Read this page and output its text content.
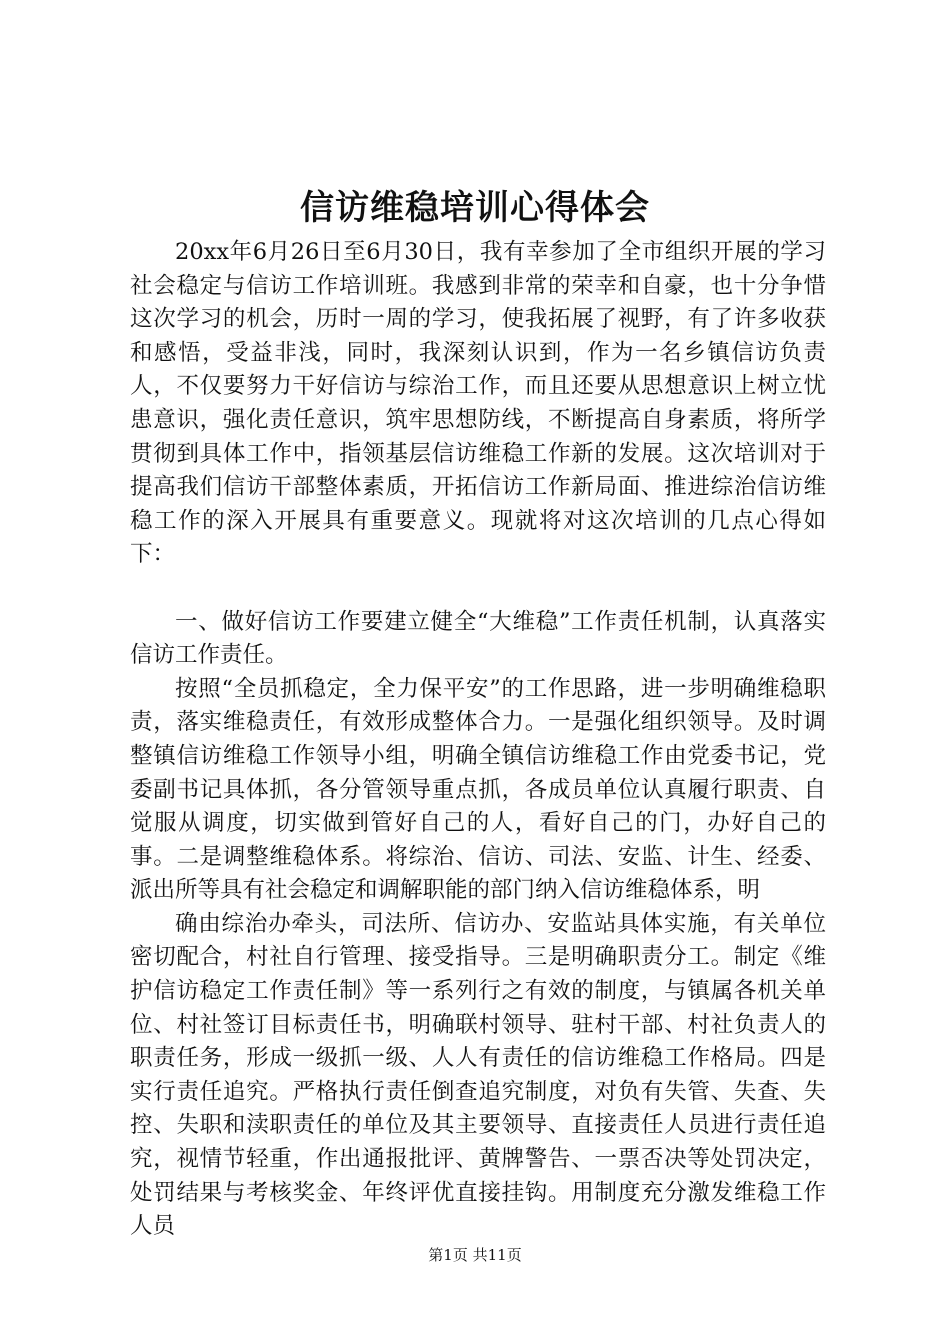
信访维稳培训心得体会

20xx年6月26日至6月30日，我有幸参加了全市组织开展的学习社会稳定与信访工作培训班。我感到非常的荣幸和自豪，也十分争惜这次学习的机会，历时一周的学习，使我拓展了视野，有了许多收获和感悟，受益非浅，同时，我深刻认识到，作为一名乡镇信访负责人，不仅要努力干好信访与综治工作，而且还要从思想意识上树立忧患意识，强化责任意识，筑牢思想防线，不断提高自身素质，将所学贯彻到具体工作中，指领基层信访维稳工作新的发展。这次培训对于提高我们信访干部整体素质，开拓信访工作新局面、推进综治信访维稳工作的深入开展具有重要意义。现就将对这次培训的几点心得如下：

一、做好信访工作要建立健全“大维稳”工作责任机制，认真落实信访工作责任。

按照“全员抓稳定，全力保平安”的工作思路，进一步明确维稳职责，落实维稳责任，有效形成整体合力。一是强化组织领导。及时调整镇信访维稳工作领导小组，明确全镇信访维稳工作由党委书记，党委副书记具体抓，各分管领导重点抓，各成员单位认真履行职责、自觉服从调度，切实做到管好自己的人，看好自己的门，办好自己的事。二是调整维稳体系。将综治、信访、司法、安监、计生、经委、派出所等具有社会稳定和调解职能的部门纳入信访维稳体系，明

确由综治办牵头，司法所、信访办、安监站具体实施，有关单位密切配合，村社自行管理、接受指导。三是明确职责分工。制定《维护信访稳定工作责任制》等一系列行之有效的制度，与镇属各机关单位、村社签订目标责任书，明确联村领导、驻村干部、村社负责人的职责任务，形成一级抓一级、人人有责任的信访维稳工作格局。四是实行责任追究。严格执行责任倒查追究制度，对负有失管、失查、失控、失职和渎职责任的单位及其主要领导、直接责任人员进行责任追究，视情节轻重，作出通报批评、黄牌警告、一票否决等处罚决定，处罚结果与考核奖金、年终评优直接挂钩。用制度充分激发维稳工作人员

第1页 共11页
